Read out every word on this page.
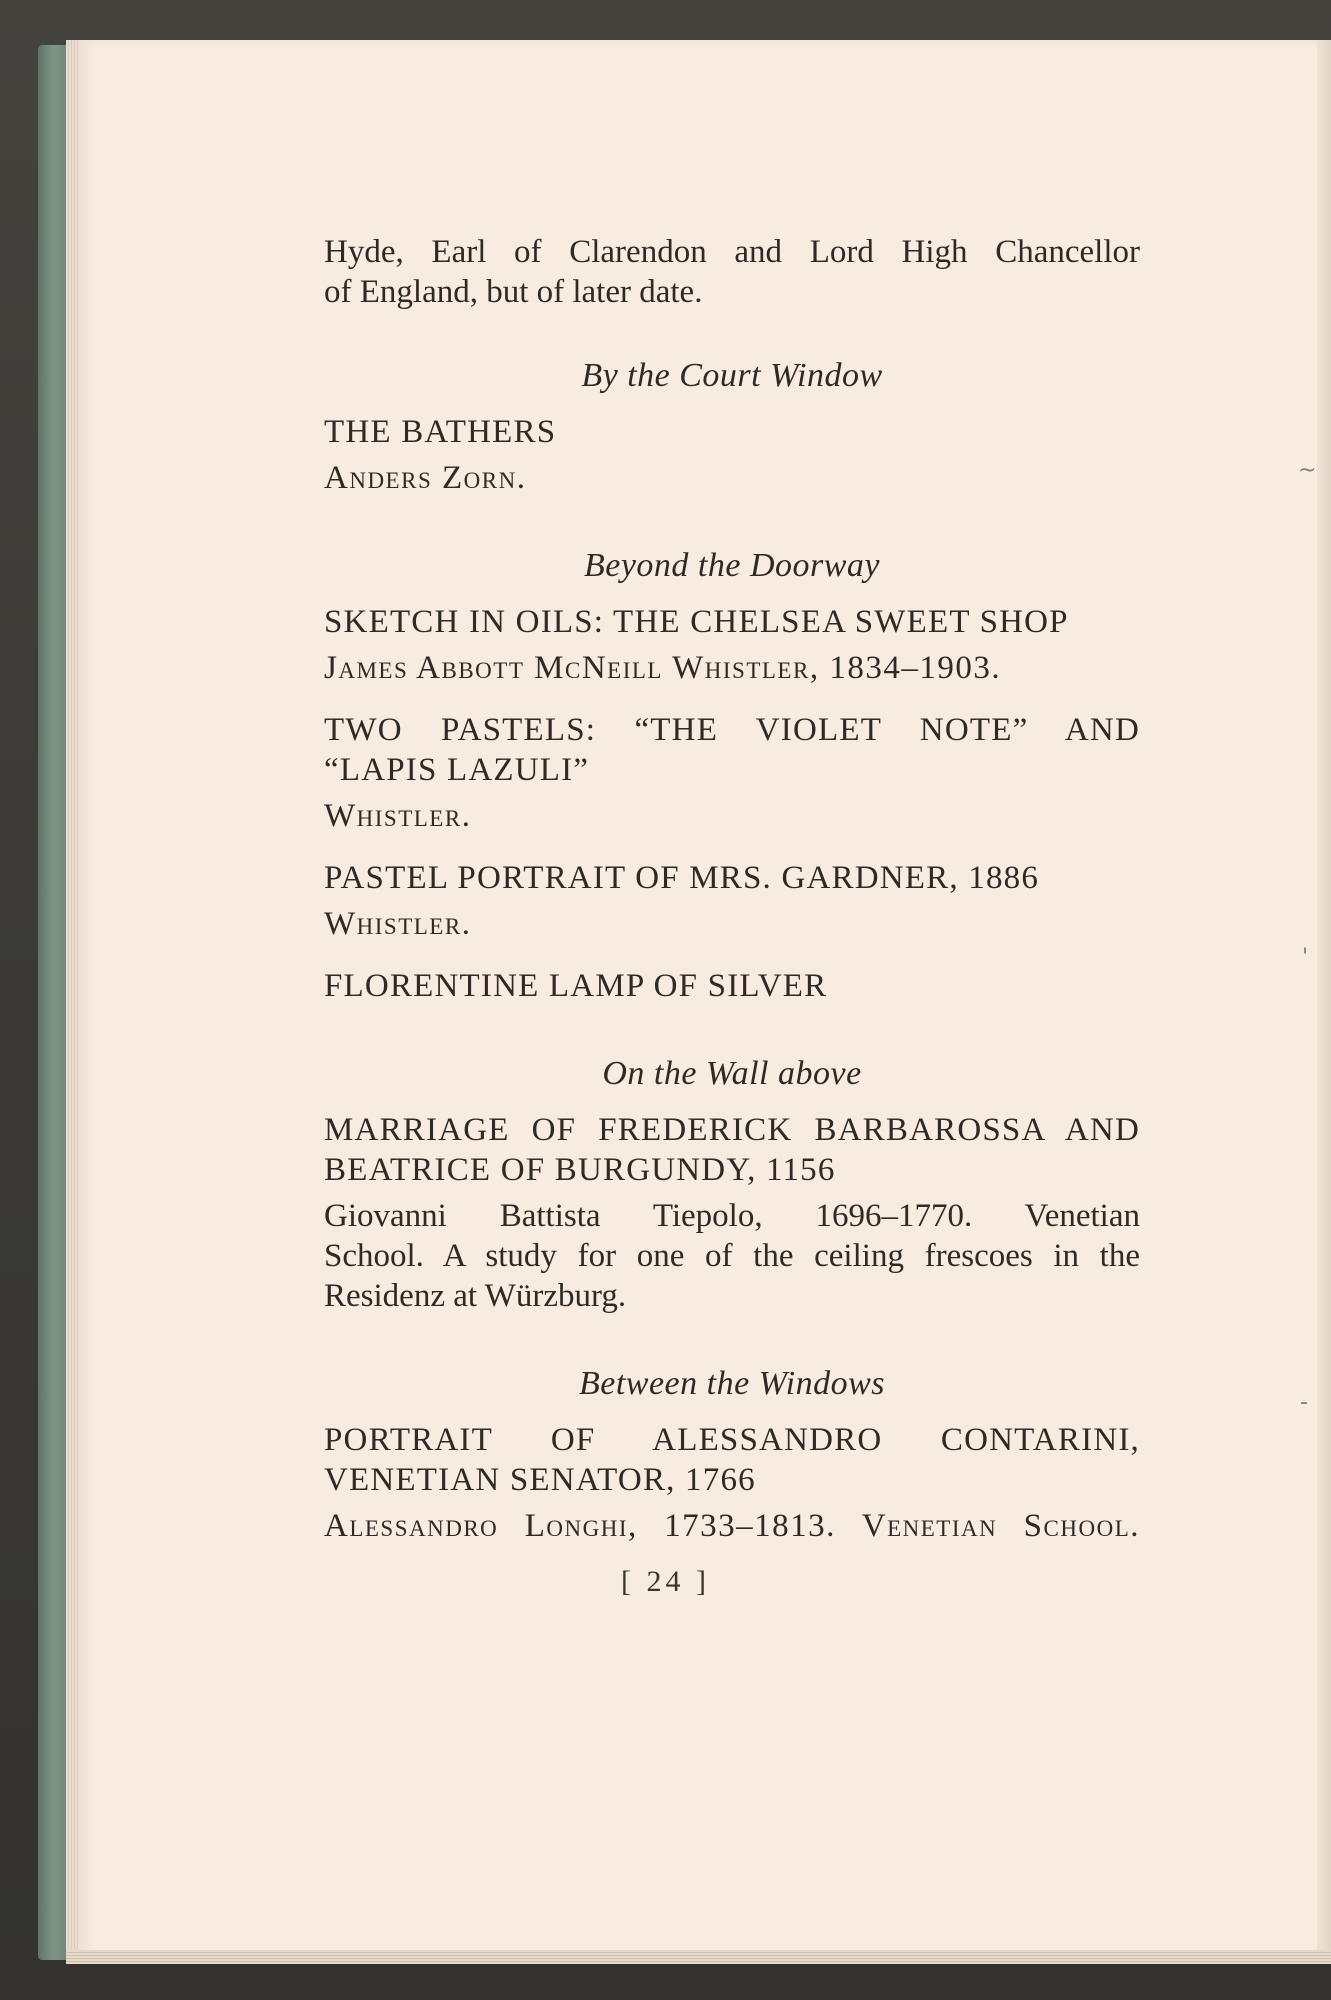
~
'
-
Hyde, Earl of Clarendon and Lord High Chancellor
of England, but of later date.
By the Court Window
THE BATHERS
Anders Zorn.
Beyond the Doorway
SKETCH IN OILS: THE CHELSEA SWEET SHOP
James Abbott McNeill Whistler, 1834–1903.
TWO PASTELS: “THE VIOLET NOTE” AND
“LAPIS LAZULI”
Whistler.
PASTEL PORTRAIT OF MRS. GARDNER, 1886
Whistler.
FLORENTINE LAMP OF SILVER
On the Wall above
MARRIAGE OF FREDERICK BARBAROSSA AND
BEATRICE OF BURGUNDY, 1156
Giovanni Battista Tiepolo, 1696–1770. Venetian
School. A study for one of the ceiling frescoes in the
Residenz at Würzburg.
Between the Windows
PORTRAIT OF ALESSANDRO CONTARINI,
VENETIAN SENATOR, 1766
Alessandro Longhi, 1733–1813. Venetian School.
[ 24 ]
